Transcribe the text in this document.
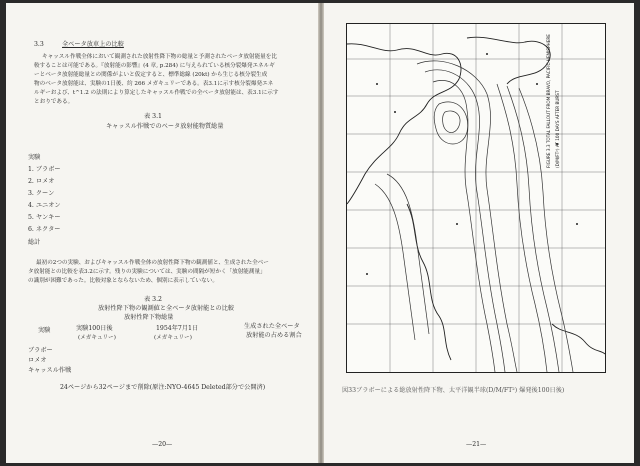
3.3	全ベータ放車上の比較
キャッスル作戦全体において観測された放射性降下物の総量と予測されたベータ放射能量を比
較することは可能である。『放射能の影響』(4 章, p.284) に与えられている核分裂爆発エネルギ
ーとベータ放射能総量との関係がよいと仮定すると、標準総線 (20kt) から生じる核分裂生成
物のベータ放射能は、実験の1日後、約 266 メガキュリーである。表3.1に示す核分裂爆発エネ
ルギーおよび、t^1.2 の法則により算定したキャッスル作戦での全ベータ放射能は、表3.1に示す
とおりである。
表 3.1
キャッスル作戦でのベータ放射能物質総量
実験
1. ブラボー
2. ロメオ
3. クーン
4. ユニオン
5. ヤンキー
6. ネクター
総計
最初の2つの実験、およびキャッスル作戦全体の放射性降下物の観測値と、生成された全ベー
タ放射能との比較を表3.2に示す。残りの実験については、実験の間隔が短かく「放射能測量」
の識別が困難であった。比較対象とならないため、個別に表示していない。
表 3.2
放射性降下物の観測値と全ベータ放射能との比較
放射性降下物総量
実験	実験100日後
(メガキュリー)
1954年7月1日
(メガキュリー)
生成された全ベータ
放射能の占める割合
ブラボー
ロメオ
キャッスル作戦
24ページから32ページまで削除(原注:NYO-4645 Deleted部分で公開済)
—20—
FIGURE 3.3 TOTAL FALLOUT FROM BRAVO, PACIFIC HEMISPHERE (D/M/FT²) AT 100 DAYS AFTER BURST
図33ブラボーによる総放射性降下物、太平洋観半球(D/M/FT²) 爆発後100日後)
—21—
